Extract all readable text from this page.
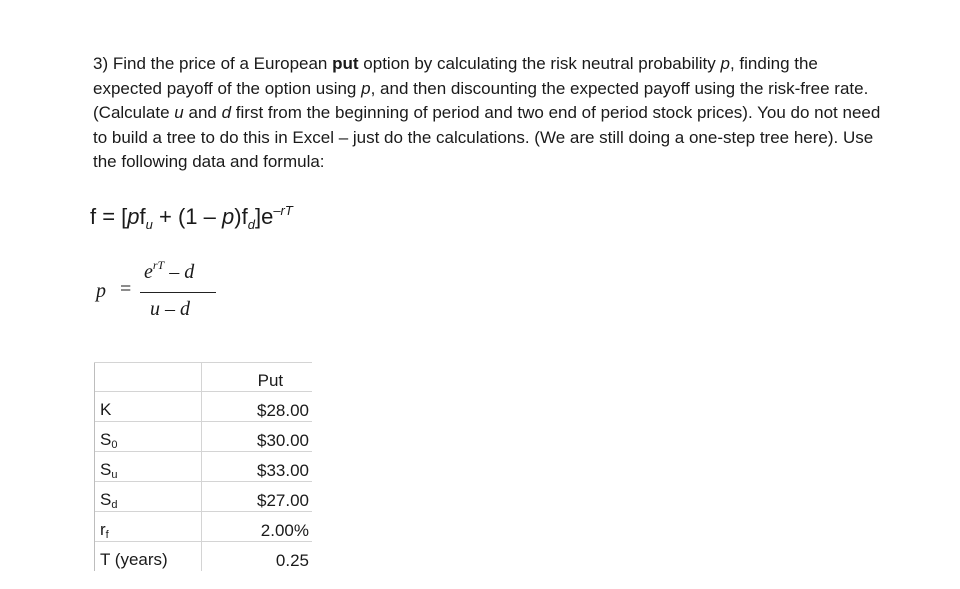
3) Find the price of a European put option by calculating the risk neutral probability p, finding the expected payoff of the option using p, and then discounting the expected payoff using the risk-free rate. (Calculate u and d first from the beginning of period and two end of period stock prices). You do not need to build a tree to do this in Excel – just do the calculations. (We are still doing a one-step tree here). Use the following data and formula:

$f = [pf_u + (1 - p)f_d]e^{-rT}$
p =
$e^{rT}$ – d
u – d
	Put
K	$28.00
$S_0$	$30.00
$S_u$	$33.00
$S_d$	$27.00
$r_f$	2.00%
T (years)	0.25
